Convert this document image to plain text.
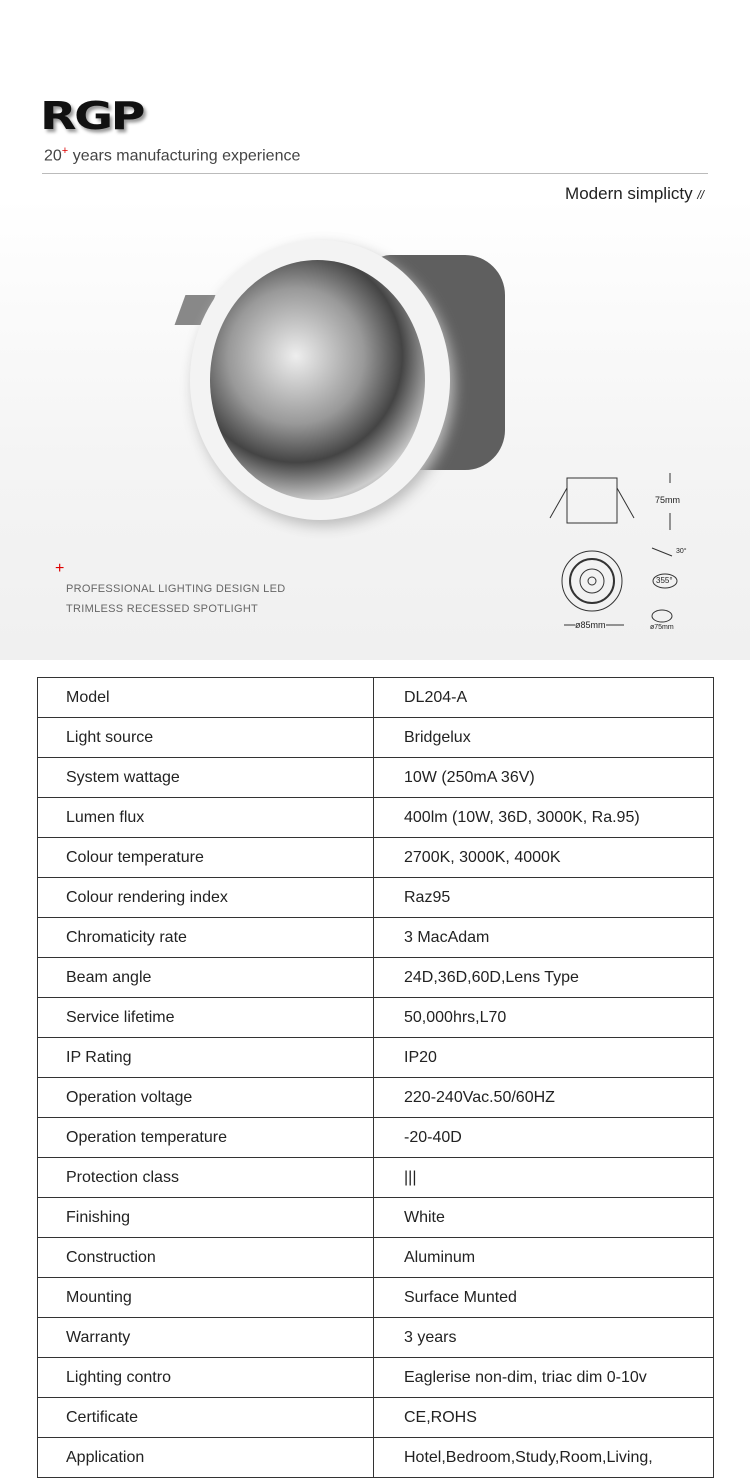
RGP
20+ years manufacturing experience
Modern simplicty //
+
PROFESSIONAL LIGHTING DESIGN LED
TRIMLESS RECESSED SPOTLIGHT
75mm
ø85mm
30°
355°
ø75mm
Model	DL204-A
Light source	Bridgelux
System wattage	10W (250mA 36V)
Lumen flux	400lm (10W, 36D, 3000K, Ra.95)
Colour temperature	2700K, 3000K, 4000K
Colour rendering index	Raz95
Chromaticity rate	3 MacAdam
Beam angle	24D,36D,60D,Lens Type
Service lifetime	50,000hrs,L70
IP Rating	IP20
Operation voltage	220-240Vac.50/60HZ
Operation temperature	-20-40D
Protection class	|||
Finishing	White
Construction	Aluminum
Mounting	Surface Munted
Warranty	3 years
Lighting contro	Eaglerise non-dim, triac dim 0-10v
Certificate	CE,ROHS
Application	Hotel,Bedroom,Study,Room,Living,
